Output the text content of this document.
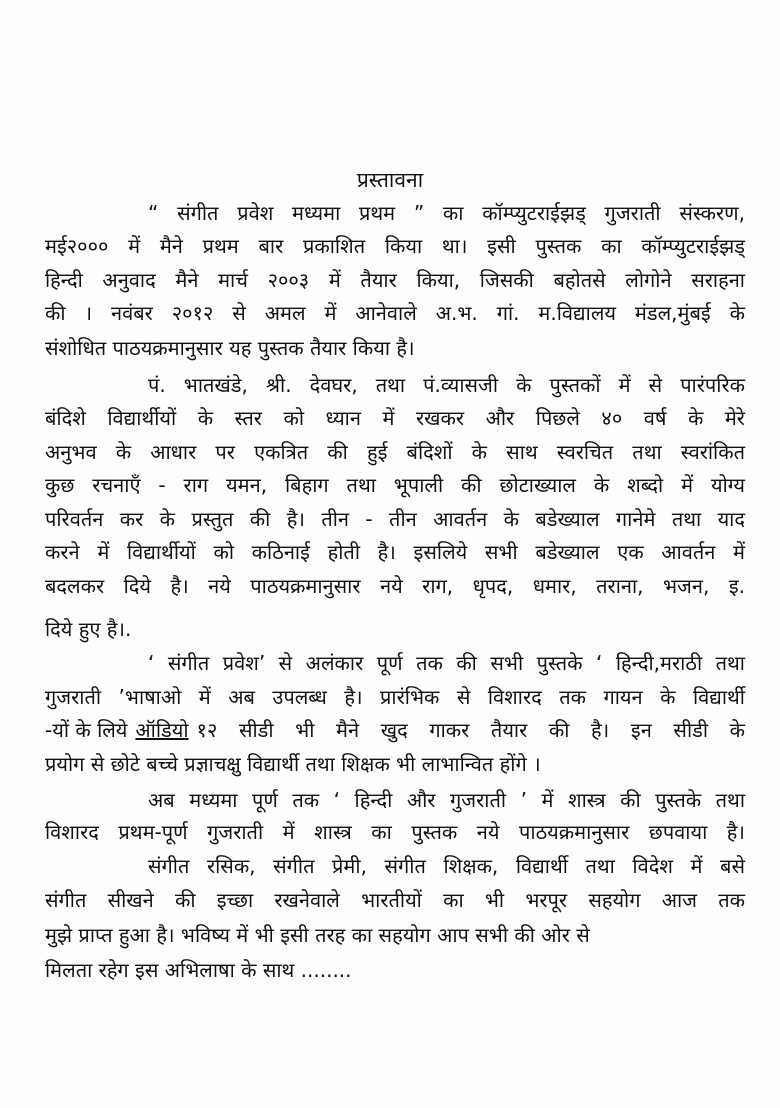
प्रस्तावना
“ संगीत प्रवेश मध्यमा प्रथम ” का कॉम्प्युटराईझड् गुजराती संस्करण,
मई२००० में मैने प्रथम बार प्रकाशित किया था। इसी पुस्तक का कॉम्प्युटराईझड्
हिन्दी अनुवाद मैने मार्च २००३ में तैयार किया, जिसकी बहोतसे लोगोने सराहना
की । नवंबर २०१२ से अमल में आनेवाले अ.भ. गां. म.विद्यालय मंडल,मुंबई के
संशोधित पाठयक्रमानुसार यह पुस्तक तैयार किया है।
पं. भातखंडे, श्री. देवघर, तथा पं.व्यासजी के पुस्तकों में से पारंपरिक
बंदिशे विद्यार्थीयों के स्तर को ध्यान में रखकर और पिछले ४० वर्ष के मेरे
अनुभव के आधार पर एकत्रित की हुई बंदिशों के साथ स्वरचित तथा स्वरांकित
कुछ रचनाएँ - राग यमन, बिहाग तथा भूपाली की छोटाख्याल के शब्दो में योग्य
परिवर्तन कर के प्रस्तुत की है। तीन - तीन आवर्तन के बडेख्याल गानेमे तथा याद
करने में विद्यार्थीयों को कठिनाई होती है। इसलिये सभी बडेख्याल एक आवर्तन में
बदलकर दिये है। नये पाठयक्रमानुसार नये राग, धृपद, धमार, तराना, भजन, इ.
दिये हुए है।.
‘ संगीत प्रवेश’ से अलंकार पूर्ण तक की सभी पुस्तके ‘ हिन्दी,मराठी तथा
गुजराती ’भाषाओ में अब उपलब्ध है। प्रारंभिक से विशारद तक गायन के विद्यार्थी
-यों के लिये ऑडियो १२ सीडी भी मैने खुद गाकर तैयार की है। इन सीडी के
प्रयोग से छोटे बच्चे प्रज्ञाचक्षु विद्यार्थी तथा शिक्षक भी लाभान्वित होंगे ।
अब मध्यमा पूर्ण तक ‘ हिन्दी और गुजराती ’ में शास्त्र की पुस्तके तथा
विशारद प्रथम-पूर्ण गुजराती में शास्त्र का पुस्तक नये पाठयक्रमानुसार छपवाया है।
संगीत रसिक, संगीत प्रेमी, संगीत शिक्षक, विद्यार्थी तथा विदेश में बसे
संगीत सीखने की इच्छा रखनेवाले भारतीयों का भी भरपूर सहयोग आज तक
मुझे प्राप्त हुआ है। भविष्य में भी इसी तरह का सहयोग आप सभी की ओर से
मिलता रहेग इस अभिलाषा के साथ ........
